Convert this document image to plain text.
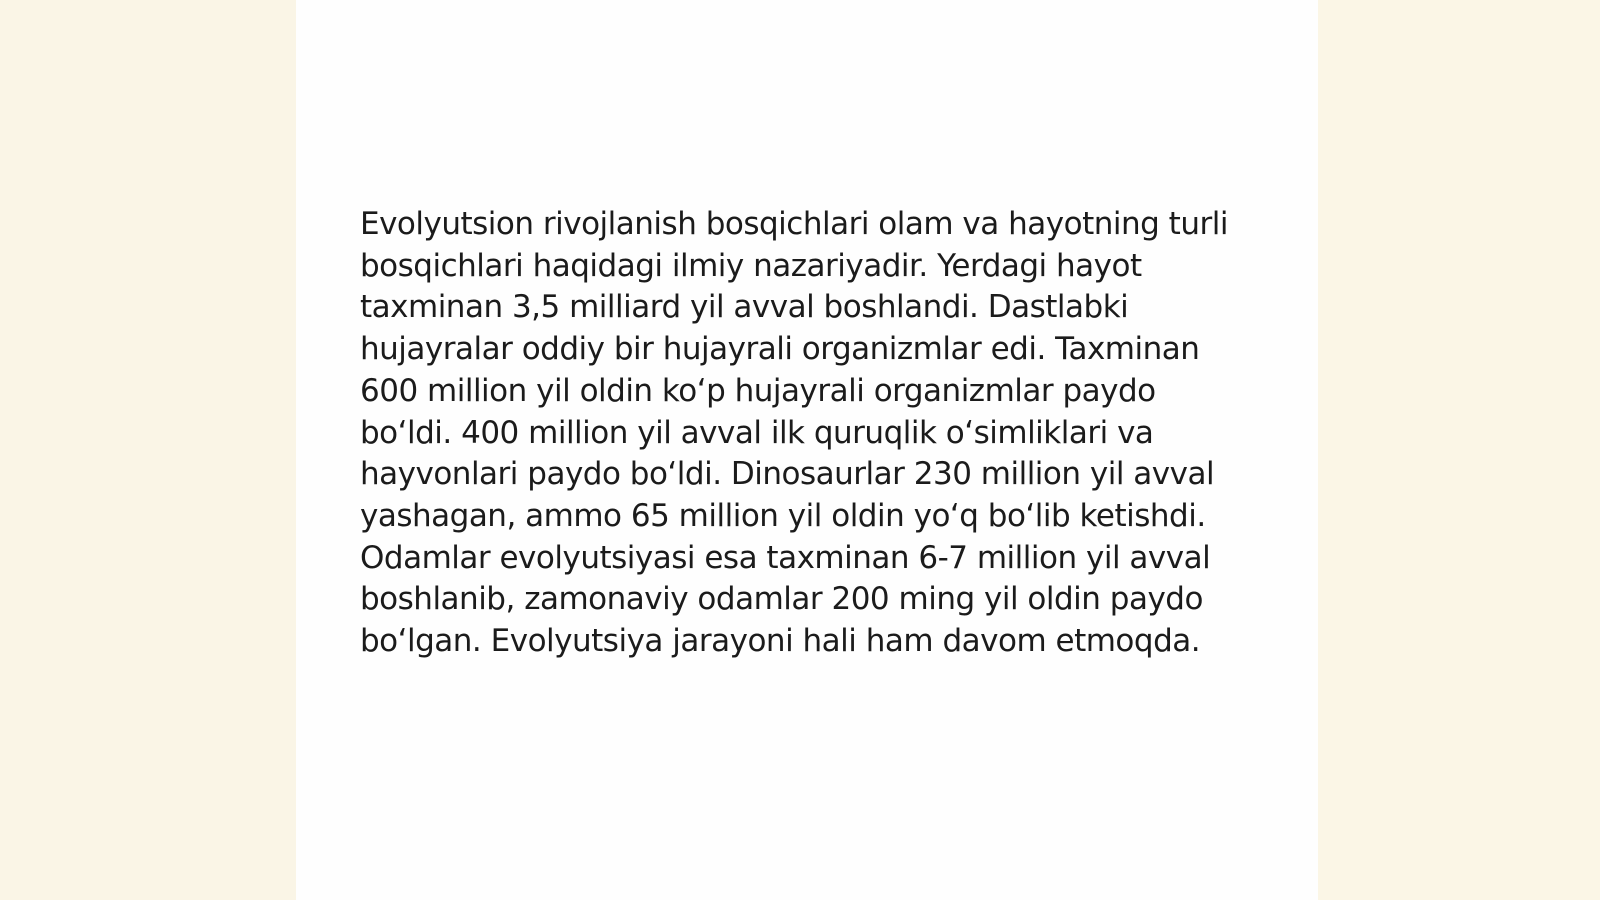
Evolyutsion rivojlanish bosqichlari olam va hayotning turli bosqichlari haqidagi ilmiy nazariyadir. Yerdagi hayot taxminan 3,5 milliard yil avval boshlandi. Dastlabki hujayralar oddiy bir hujayrali organizmlar edi. Taxminan 600 million yil oldin koʻp hujayrali organizmlar paydo boʻldi. 400 million yil avval ilk quruqlik oʻsimliklari va hayvonlari paydo boʻldi. Dinosaurlar 230 million yil avval yashagan, ammo 65 million yil oldin yoʻq boʻlib ketishdi. Odamlar evolyutsiyasi esa taxminan 6-7 million yil avval boshlanib, zamonaviy odamlar 200 ming yil oldin paydo boʻlgan. Evolyutsiya jarayoni hali ham davom etmoqda.
